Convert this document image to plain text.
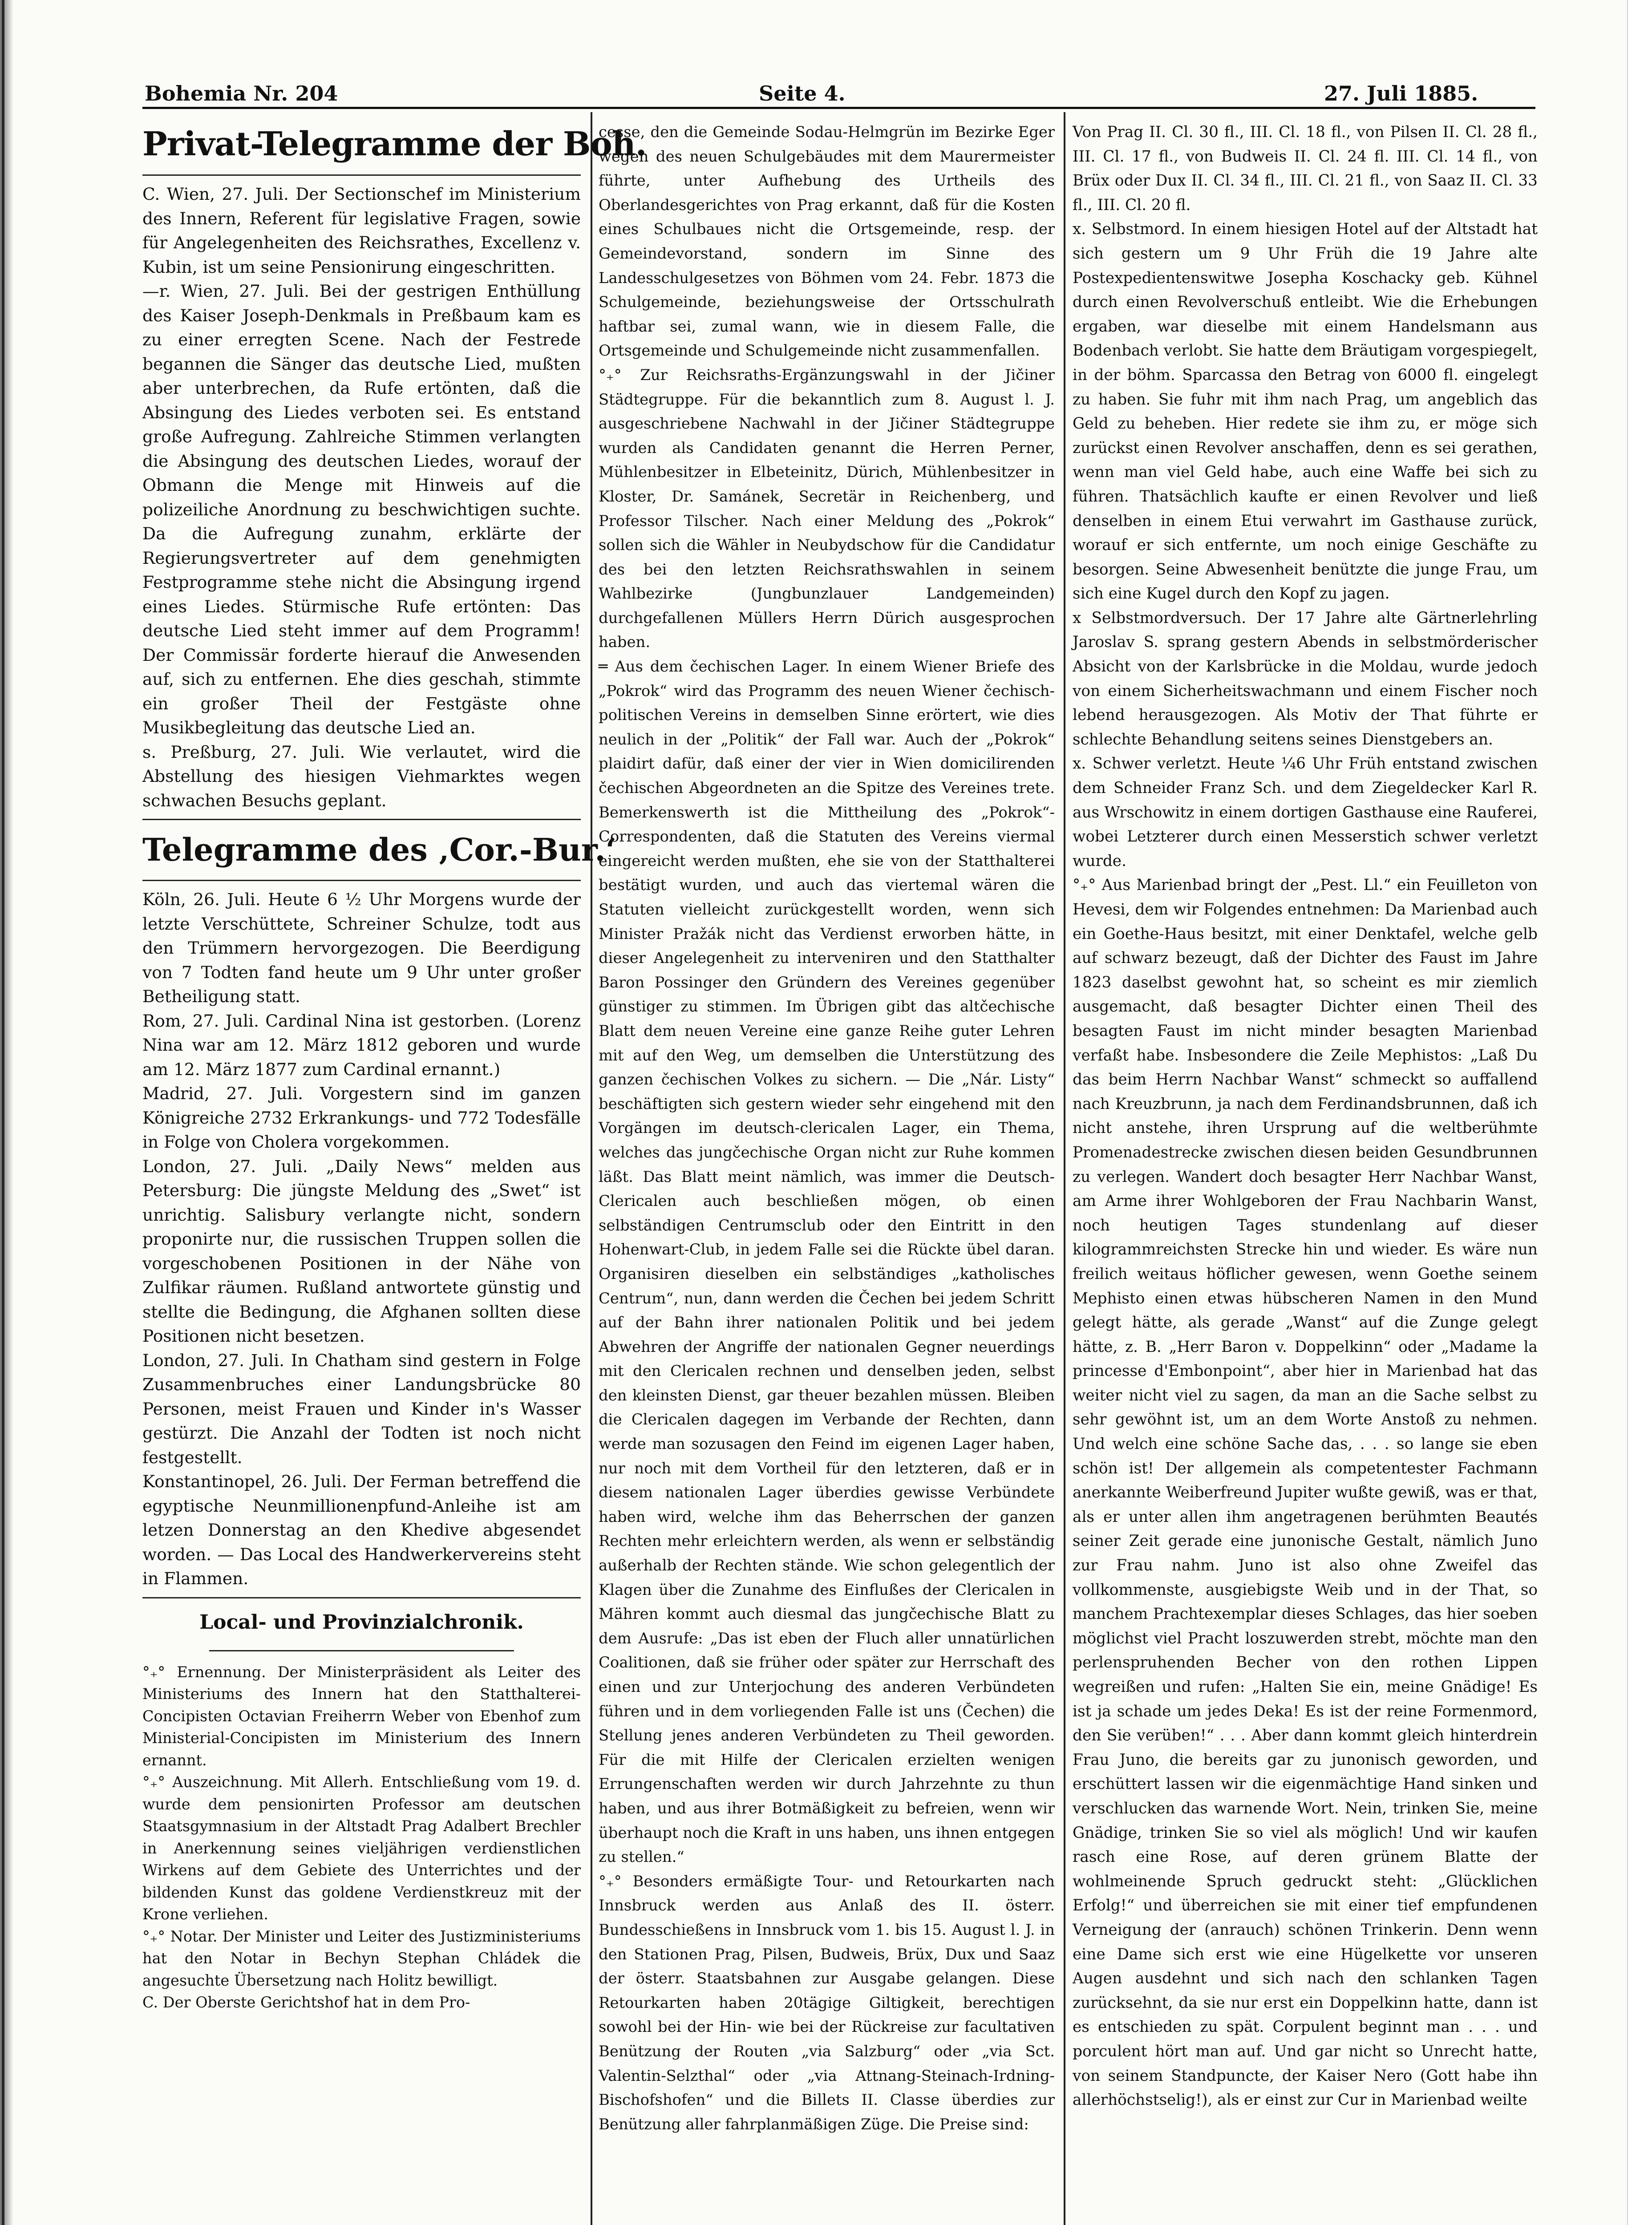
Bohemia Nr. 204	Seite 4.	27. Juli 1885.

Privat-Telegramme der Boh.

C. Wien, 27. Juli. Der Sectionschef im Ministerium des Innern, Referent für legislative Fragen, sowie für Angelegenheiten des Reichsrathes, Excellenz v. Kubin, ist um seine Pensionirung eingeschritten.

—r. Wien, 27. Juli. Bei der gestrigen Enthüllung des Kaiser Joseph-Denkmals in Preßbaum kam es zu einer erregten Scene. Nach der Festrede begannen die Sänger das deutsche Lied, mußten aber unterbrechen, da Rufe ertönten, daß die Absingung des Liedes verboten sei. Es entstand große Aufregung. Zahlreiche Stimmen verlangten die Absingung des deutschen Liedes, worauf der Obmann die Menge mit Hinweis auf die polizeiliche Anordnung zu beschwichtigen suchte. Da die Aufregung zunahm, erklärte der Regierungsvertreter auf dem genehmigten Festprogramme stehe nicht die Absingung irgend eines Liedes. Stürmische Rufe ertönten: Das deutsche Lied steht immer auf dem Programm! Der Commissär forderte hierauf die Anwesenden auf, sich zu entfernen. Ehe dies geschah, stimmte ein großer Theil der Festgäste ohne Musikbegleitung das deutsche Lied an.

s. Preßburg, 27. Juli. Wie verlautet, wird die Abstellung des hiesigen Viehmarktes wegen schwachen Besuchs geplant.

Telegramme des ‚Cor.-Bur.‘

Köln, 26. Juli. Heute 6 ½ Uhr Morgens wurde der letzte Verschüttete, Schreiner Schulze, todt aus den Trümmern hervorgezogen. Die Beerdigung von 7 Todten fand heute um 9 Uhr unter großer Betheiligung statt.

Rom, 27. Juli. Cardinal Nina ist gestorben. (Lorenz Nina war am 12. März 1812 geboren und wurde am 12. März 1877 zum Cardinal ernannt.)

Madrid, 27. Juli. Vorgestern sind im ganzen Königreiche 2732 Erkrankungs- und 772 Todesfälle in Folge von Cholera vorgekommen.

London, 27. Juli. „Daily News“ melden aus Petersburg: Die jüngste Meldung des „Swet“ ist unrichtig. Salisbury verlangte nicht, sondern proponirte nur, die russischen Truppen sollen die vorgeschobenen Positionen in der Nähe von Zulfikar räumen. Rußland antwortete günstig und stellte die Bedingung, die Afghanen sollten diese Positionen nicht besetzen.

London, 27. Juli. In Chatham sind gestern in Folge Zusammenbruches einer Landungsbrücke 80 Personen, meist Frauen und Kinder in's Wasser gestürzt. Die Anzahl der Todten ist noch nicht festgestellt.

Konstantinopel, 26. Juli. Der Ferman betreffend die egyptische Neunmillionenpfund-Anleihe ist am letzen Donnerstag an den Khedive abgesendet worden. — Das Local des Handwerkervereins steht in Flammen.

Local- und Provinzialchronik.

°₊° Ernennung. Der Ministerpräsident als Leiter des Ministeriums des Innern hat den Statthalterei-Concipisten Octavian Freiherrn Weber von Ebenhof zum Ministerial-Concipisten im Ministerium des Innern ernannt.

°₊° Auszeichnung. Mit Allerh. Entschließung vom 19. d. wurde dem pensionirten Professor am deutschen Staatsgymnasium in der Altstadt Prag Adalbert Brechler in Anerkennung seines vieljährigen verdienstlichen Wirkens auf dem Gebiete des Unterrichtes und der bildenden Kunst das goldene Verdienstkreuz mit der Krone verliehen.

°₊° Notar. Der Minister und Leiter des Justizministeriums hat den Notar in Bechyn Stephan Chládek die angesuchte Übersetzung nach Holitz bewilligt.

C. Der Oberste Gerichtshof hat in dem Pro-

cesse, den die Gemeinde Sodau-Helmgrün im Bezirke Eger wegen des neuen Schulgebäudes mit dem Maurermeister führte, unter Aufhebung des Urtheils des Oberlandesgerichtes von Prag erkannt, daß für die Kosten eines Schulbaues nicht die Ortsgemeinde, resp. der Gemeindevorstand, sondern im Sinne des Landesschulgesetzes von Böhmen vom 24. Febr. 1873 die Schulgemeinde, beziehungsweise der Ortsschulrath haftbar sei, zumal wann, wie in diesem Falle, die Ortsgemeinde und Schulgemeinde nicht zusammenfallen.

°₊° Zur Reichsraths-Ergänzungswahl in der Jičiner Städtegruppe. Für die bekanntlich zum 8. August l. J. ausgeschriebene Nachwahl in der Jičiner Städtegruppe wurden als Candidaten genannt die Herren Perner, Mühlenbesitzer in Elbeteinitz, Dürich, Mühlenbesitzer in Kloster, Dr. Samánek, Secretär in Reichenberg, und Professor Tilscher. Nach einer Meldung des „Pokrok“ sollen sich die Wähler in Neubydschow für die Candidatur des bei den letzten Reichsrathswahlen in seinem Wahlbezirke (Jungbunzlauer Landgemeinden) durchgefallenen Müllers Herrn Dürich ausgesprochen haben.

═ Aus dem čechischen Lager. In einem Wiener Briefe des „Pokrok“ wird das Programm des neuen Wiener čechisch-politischen Vereins in demselben Sinne erörtert, wie dies neulich in der „Politik“ der Fall war. Auch der „Pokrok“ plaidirt dafür, daß einer der vier in Wien domicilirenden čechischen Abgeordneten an die Spitze des Vereines trete. Bemerkenswerth ist die Mittheilung des „Pokrok“-Correspondenten, daß die Statuten des Vereins viermal eingereicht werden mußten, ehe sie von der Statthalterei bestätigt wurden, und auch das viertemal wären die Statuten vielleicht zurückgestellt worden, wenn sich Minister Pražák nicht das Verdienst erworben hätte, in dieser Angelegenheit zu interveniren und den Statthalter Baron Possinger den Gründern des Vereines gegenüber günstiger zu stimmen. Im Übrigen gibt das altčechische Blatt dem neuen Vereine eine ganze Reihe guter Lehren mit auf den Weg, um demselben die Unterstützung des ganzen čechischen Volkes zu sichern. — Die „Nár. Listy“ beschäftigten sich gestern wieder sehr eingehend mit den Vorgängen im deutsch-clericalen Lager, ein Thema, welches das jungčechische Organ nicht zur Ruhe kommen läßt. Das Blatt meint nämlich, was immer die Deutsch-Clericalen auch beschließen mögen, ob einen selbständigen Centrumsclub oder den Eintritt in den Hohenwart-Club, in jedem Falle sei die Rückte übel daran. Organisiren dieselben ein selbständiges „katholisches Centrum“, nun, dann werden die Čechen bei jedem Schritt auf der Bahn ihrer nationalen Politik und bei jedem Abwehren der Angriffe der nationalen Gegner neuerdings mit den Clericalen rechnen und denselben jeden, selbst den kleinsten Dienst, gar theuer bezahlen müssen. Bleiben die Clericalen dagegen im Verbande der Rechten, dann werde man sozusagen den Feind im eigenen Lager haben, nur noch mit dem Vortheil für den letzteren, daß er in diesem nationalen Lager überdies gewisse Verbündete haben wird, welche ihm das Beherrschen der ganzen Rechten mehr erleichtern werden, als wenn er selbständig außerhalb der Rechten stände. Wie schon gelegentlich der Klagen über die Zunahme des Einflußes der Clericalen in Mähren kommt auch diesmal das jungčechische Blatt zu dem Ausrufe: „Das ist eben der Fluch aller unnatürlichen Coalitionen, daß sie früher oder später zur Herrschaft des einen und zur Unterjochung des anderen Verbündeten führen und in dem vorliegenden Falle ist uns (Čechen) die Stellung jenes anderen Verbündeten zu Theil geworden. Für die mit Hilfe der Clericalen erzielten wenigen Errungenschaften werden wir durch Jahrzehnte zu thun haben, und aus ihrer Botmäßigkeit zu befreien, wenn wir überhaupt noch die Kraft in uns haben, uns ihnen entgegen zu stellen.“

°₊° Besonders ermäßigte Tour- und Retourkarten nach Innsbruck werden aus Anlaß des II. österr. Bundesschießens in Innsbruck vom 1. bis 15. August l. J. in den Stationen Prag, Pilsen, Budweis, Brüx, Dux und Saaz der österr. Staatsbahnen zur Ausgabe gelangen. Diese Retourkarten haben 20tägige Giltigkeit, berechtigen sowohl bei der Hin- wie bei der Rückreise zur facultativen Benützung der Routen „via Salzburg“ oder „via Sct. Valentin-Selzthal“ oder „via Attnang-Steinach-Irdning-Bischofshofen“ und die Billets II. Classe überdies zur Benützung aller fahrplanmäßigen Züge. Die Preise sind:

Von Prag II. Cl. 30 fl., III. Cl. 18 fl., von Pilsen II. Cl. 28 fl., III. Cl. 17 fl., von Budweis II. Cl. 24 fl. III. Cl. 14 fl., von Brüx oder Dux II. Cl. 34 fl., III. Cl. 21 fl., von Saaz II. Cl. 33 fl., III. Cl. 20 fl.

x. Selbstmord. In einem hiesigen Hotel auf der Altstadt hat sich gestern um 9 Uhr Früh die 19 Jahre alte Postexpedientenswitwe Josepha Koschacky geb. Kühnel durch einen Revolverschuß entleibt. Wie die Erhebungen ergaben, war dieselbe mit einem Handelsmann aus Bodenbach verlobt. Sie hatte dem Bräutigam vorgespiegelt, in der böhm. Sparcassa den Betrag von 6000 fl. eingelegt zu haben. Sie fuhr mit ihm nach Prag, um angeblich das Geld zu beheben. Hier redete sie ihm zu, er möge sich zurückst einen Revolver anschaffen, denn es sei gerathen, wenn man viel Geld habe, auch eine Waffe bei sich zu führen. Thatsächlich kaufte er einen Revolver und ließ denselben in einem Etui verwahrt im Gasthause zurück, worauf er sich entfernte, um noch einige Geschäfte zu besorgen. Seine Abwesenheit benützte die junge Frau, um sich eine Kugel durch den Kopf zu jagen.

x Selbstmordversuch. Der 17 Jahre alte Gärtnerlehrling Jaroslav S. sprang gestern Abends in selbstmörderischer Absicht von der Karlsbrücke in die Moldau, wurde jedoch von einem Sicherheitswachmann und einem Fischer noch lebend herausgezogen. Als Motiv der That führte er schlechte Behandlung seitens seines Dienstgebers an.

x. Schwer verletzt. Heute ¼6 Uhr Früh entstand zwischen dem Schneider Franz Sch. und dem Ziegeldecker Karl R. aus Wrschowitz in einem dortigen Gasthause eine Rauferei, wobei Letzterer durch einen Messerstich schwer verletzt wurde.

°₊° Aus Marienbad bringt der „Pest. Ll.“ ein Feuilleton von Hevesi, dem wir Folgendes entnehmen: Da Marienbad auch ein Goethe-Haus besitzt, mit einer Denktafel, welche gelb auf schwarz bezeugt, daß der Dichter des Faust im Jahre 1823 daselbst gewohnt hat, so scheint es mir ziemlich ausgemacht, daß besagter Dichter einen Theil des besagten Faust im nicht minder besagten Marienbad verfaßt habe. Insbesondere die Zeile Mephistos: „Laß Du das beim Herrn Nachbar Wanst“ schmeckt so auffallend nach Kreuzbrunn, ja nach dem Ferdinandsbrunnen, daß ich nicht anstehe, ihren Ursprung auf die weltberühmte Promenadestrecke zwischen diesen beiden Gesundbrunnen zu verlegen. Wandert doch besagter Herr Nachbar Wanst, am Arme ihrer Wohlgeboren der Frau Nachbarin Wanst, noch heutigen Tages stundenlang auf dieser kilogrammreichsten Strecke hin und wieder. Es wäre nun freilich weitaus höflicher gewesen, wenn Goethe seinem Mephisto einen etwas hübscheren Namen in den Mund gelegt hätte, als gerade „Wanst“ auf die Zunge gelegt hätte, z. B. „Herr Baron v. Doppelkinn“ oder „Madame la princesse d'Embonpoint“, aber hier in Marienbad hat das weiter nicht viel zu sagen, da man an die Sache selbst zu sehr gewöhnt ist, um an dem Worte Anstoß zu nehmen. Und welch eine schöne Sache das, . . . so lange sie eben schön ist! Der allgemein als competentester Fachmann anerkannte Weiberfreund Jupiter wußte gewiß, was er that, als er unter allen ihm angetragenen berühmten Beautés seiner Zeit gerade eine junonische Gestalt, nämlich Juno zur Frau nahm. Juno ist also ohne Zweifel das vollkommenste, ausgiebigste Weib und in der That, so manchem Prachtexemplar dieses Schlages, das hier soeben möglichst viel Pracht loszuwerden strebt, möchte man den perlenspruhenden Becher von den rothen Lippen wegreißen und rufen: „Halten Sie ein, meine Gnädige! Es ist ja schade um jedes Deka! Es ist der reine Formenmord, den Sie verüben!“ . . . Aber dann kommt gleich hinterdrein Frau Juno, die bereits gar zu junonisch geworden, und erschüttert lassen wir die eigenmächtige Hand sinken und verschlucken das warnende Wort. Nein, trinken Sie, meine Gnädige, trinken Sie so viel als möglich! Und wir kaufen rasch eine Rose, auf deren grünem Blatte der wohlmeinende Spruch gedruckt steht: „Glücklichen Erfolg!“ und überreichen sie mit einer tief empfundenen Verneigung der (anrauch) schönen Trinkerin. Denn wenn eine Dame sich erst wie eine Hügelkette vor unseren Augen ausdehnt und sich nach den schlanken Tagen zurücksehnt, da sie nur erst ein Doppelkinn hatte, dann ist es entschieden zu spät. Corpulent beginnt man . . . und porculent hört man auf. Und gar nicht so Unrecht hatte, von seinem Standpuncte, der Kaiser Nero (Gott habe ihn allerhöchstselig!), als er einst zur Cur in Marienbad weilte
